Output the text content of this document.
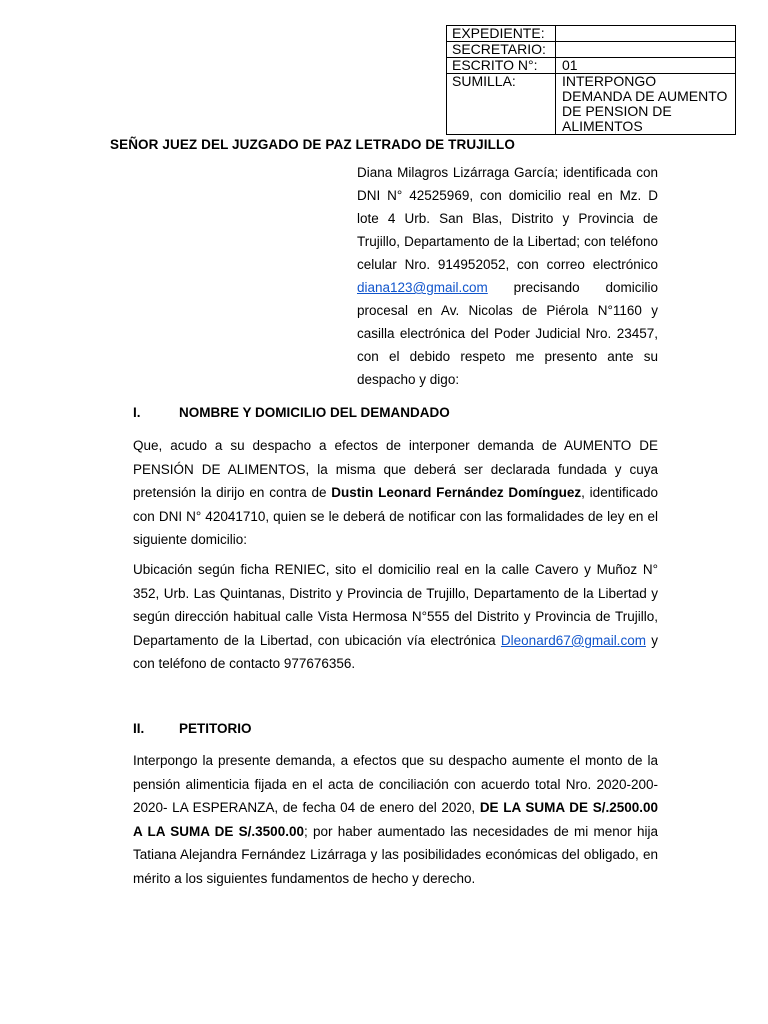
EXPEDIENTE:	
SECRETARIO:	
ESCRITO N°:	01
SUMILLA:	INTERPONGO DEMANDA DE AUMENTO DE PENSION DE ALIMENTOS
SEÑOR JUEZ DEL JUZGADO DE PAZ LETRADO DE TRUJILLO
Diana Milagros Lizárraga García; identificada con DNI N° 42525969, con domicilio real en Mz. D lote 4 Urb. San Blas, Distrito y Provincia de Trujillo, Departamento de la Libertad; con teléfono celular Nro. 914952052, con correo electrónico diana123@gmail.com precisando domicilio procesal en Av. Nicolas de Piérola N°1160 y casilla electrónica del Poder Judicial Nro. 23457, con el debido respeto me presento ante su despacho y digo:
I.	NOMBRE Y DOMICILIO DEL DEMANDADO
Que, acudo a su despacho a efectos de interponer demanda de AUMENTO DE PENSIÓN DE ALIMENTOS, la misma que deberá ser declarada fundada y cuya pretensión la dirijo en contra de Dustin Leonard Fernández Domínguez, identificado con DNI N° 42041710, quien se le deberá de notificar con las formalidades de ley en el siguiente domicilio:
Ubicación según ficha RENIEC, sito el domicilio real en la calle Cavero y Muñoz N° 352, Urb. Las Quintanas, Distrito y Provincia de Trujillo, Departamento de la Libertad y según dirección habitual calle Vista Hermosa N°555 del Distrito y Provincia de Trujillo, Departamento de la Libertad, con ubicación vía electrónica Dleonard67@gmail.com y con teléfono de contacto 977676356.
II.	PETITORIO
Interpongo la presente demanda, a efectos que su despacho aumente el monto de la pensión alimenticia fijada en el acta de conciliación con acuerdo total Nro. 2020-200-2020- LA ESPERANZA, de fecha 04 de enero del 2020, DE LA SUMA DE S/.2500.00 A LA SUMA DE S/.3500.00; por haber aumentado las necesidades de mi menor hija Tatiana Alejandra Fernández Lizárraga y las posibilidades económicas del obligado, en mérito a los siguientes fundamentos de hecho y derecho.
